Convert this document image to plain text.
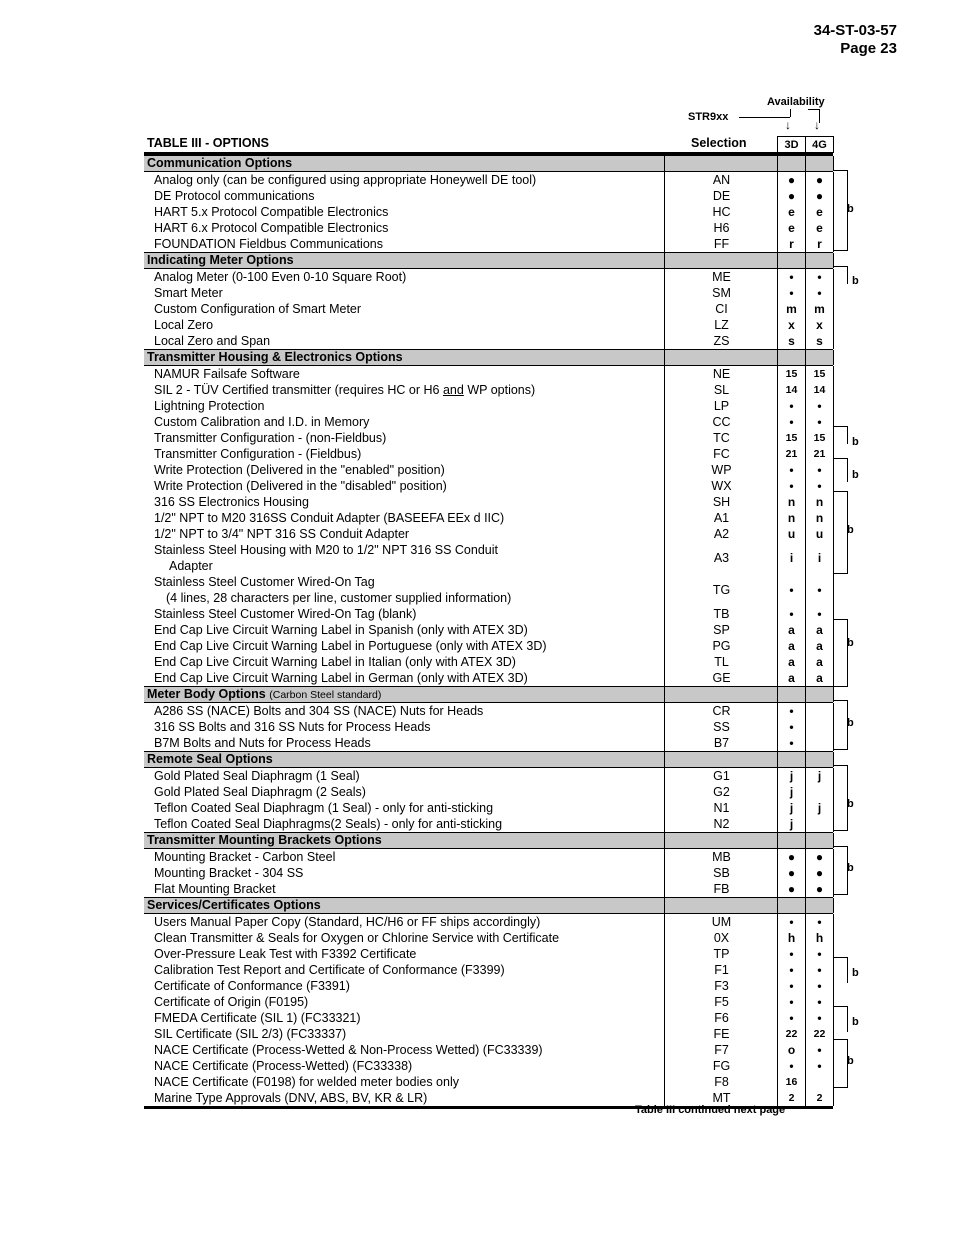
34-ST-03-57
Page 23
Availability
STR9xx
↓ ↓
TABLE III - OPTIONS	Selection	3D	4G
Communication Options
Analog only (can be configured using appropriate Honeywell DE tool)	AN	●	●
DE Protocol communications	DE	●	●
HART 5.x Protocol Compatible Electronics	HC	e	e
HART 6.x Protocol Compatible Electronics	H6	e	e
FOUNDATION Fieldbus Communications	FF	r	r
Indicating Meter Options
Analog Meter (0-100 Even 0-10 Square Root)	ME	•	•
Smart Meter	SM	•	•
Custom Configuration of Smart Meter	CI	m	m
Local Zero	LZ	x	x
Local Zero and Span	ZS	s	s
Transmitter Housing & Electronics Options
NAMUR Failsafe Software	NE	15	15
SIL 2 - TÜV Certified transmitter (requires HC or H6 and WP options)	SL	14	14
Lightning Protection	LP	•	•
Custom Calibration and I.D. in Memory	CC	•	•
Transmitter Configuration - (non-Fieldbus)	TC	15	15
Transmitter Configuration - (Fieldbus)	FC	21	21
Write Protection (Delivered in the "enabled" position)	WP	•	•
Write Protection (Delivered in the "disabled" position)	WX	•	•
316 SS Electronics Housing	SH	n	n
1/2" NPT to M20 316SS Conduit Adapter (BASEEFA EEx d IIC)	A1	n	n
1/2" NPT to 3/4" NPT 316 SS Conduit Adapter	A2	u	u
Stainless Steel Housing with M20 to 1/2" NPT 316 SS Conduit
Adapter
A3	i	i
Stainless Steel Customer Wired-On Tag
(4 lines, 28 characters per line, customer supplied information)
TG	•	•
Stainless Steel Customer Wired-On Tag (blank)	TB	•	•
End Cap Live Circuit Warning Label in Spanish (only with ATEX 3D)	SP	a	a
End Cap Live Circuit Warning Label in Portuguese (only with ATEX 3D)	PG	a	a
End Cap Live Circuit Warning Label in Italian (only with ATEX 3D)	TL	a	a
End Cap Live Circuit Warning Label in German (only with ATEX 3D)	GE	a	a
Meter Body Options (Carbon Steel standard)
A286 SS (NACE) Bolts and 304 SS (NACE) Nuts for Heads	CR	•
316 SS Bolts and 316 SS Nuts for Process Heads	SS	•
B7M Bolts and Nuts for Process Heads	B7	•
Remote Seal Options
Gold Plated Seal Diaphragm (1 Seal)	G1	j	j
Gold Plated Seal Diaphragm (2 Seals)	G2	j
Teflon Coated Seal Diaphragm (1 Seal) - only for anti-sticking	N1	j	j
Teflon Coated Seal Diaphragms(2 Seals) - only for anti-sticking	N2	j
Transmitter Mounting Brackets Options
Mounting Bracket - Carbon Steel	MB	●	●
Mounting Bracket - 304 SS	SB	●	●
Flat Mounting Bracket	FB	●	●
Services/Certificates Options
Users Manual Paper Copy (Standard, HC/H6 or FF ships accordingly)	UM	•	•
Clean Transmitter & Seals for Oxygen or Chlorine Service with Certificate	0X	h	h
Over-Pressure Leak Test with F3392 Certificate	TP	•	•
Calibration Test Report and Certificate of Conformance (F3399)	F1	•	•
Certificate of Conformance (F3391)	F3	•	•
Certificate of Origin (F0195)	F5	•	•
FMEDA Certificate (SIL 1) (FC33321)	F6	•	•
SIL Certificate (SIL 2/3) (FC33337)	FE	22	22
NACE Certificate (Process-Wetted & Non-Process Wetted) (FC33339)	F7	o	•
NACE Certificate (Process-Wetted) (FC33338)	FG	•	•
NACE Certificate (F0198) for welded meter bodies only	F8	16
Marine Type Approvals (DNV, ABS, BV, KR & LR)	MT	2	2
Table III continued next page
b
b
b
b
b
b
b
b
b
b
b
b
